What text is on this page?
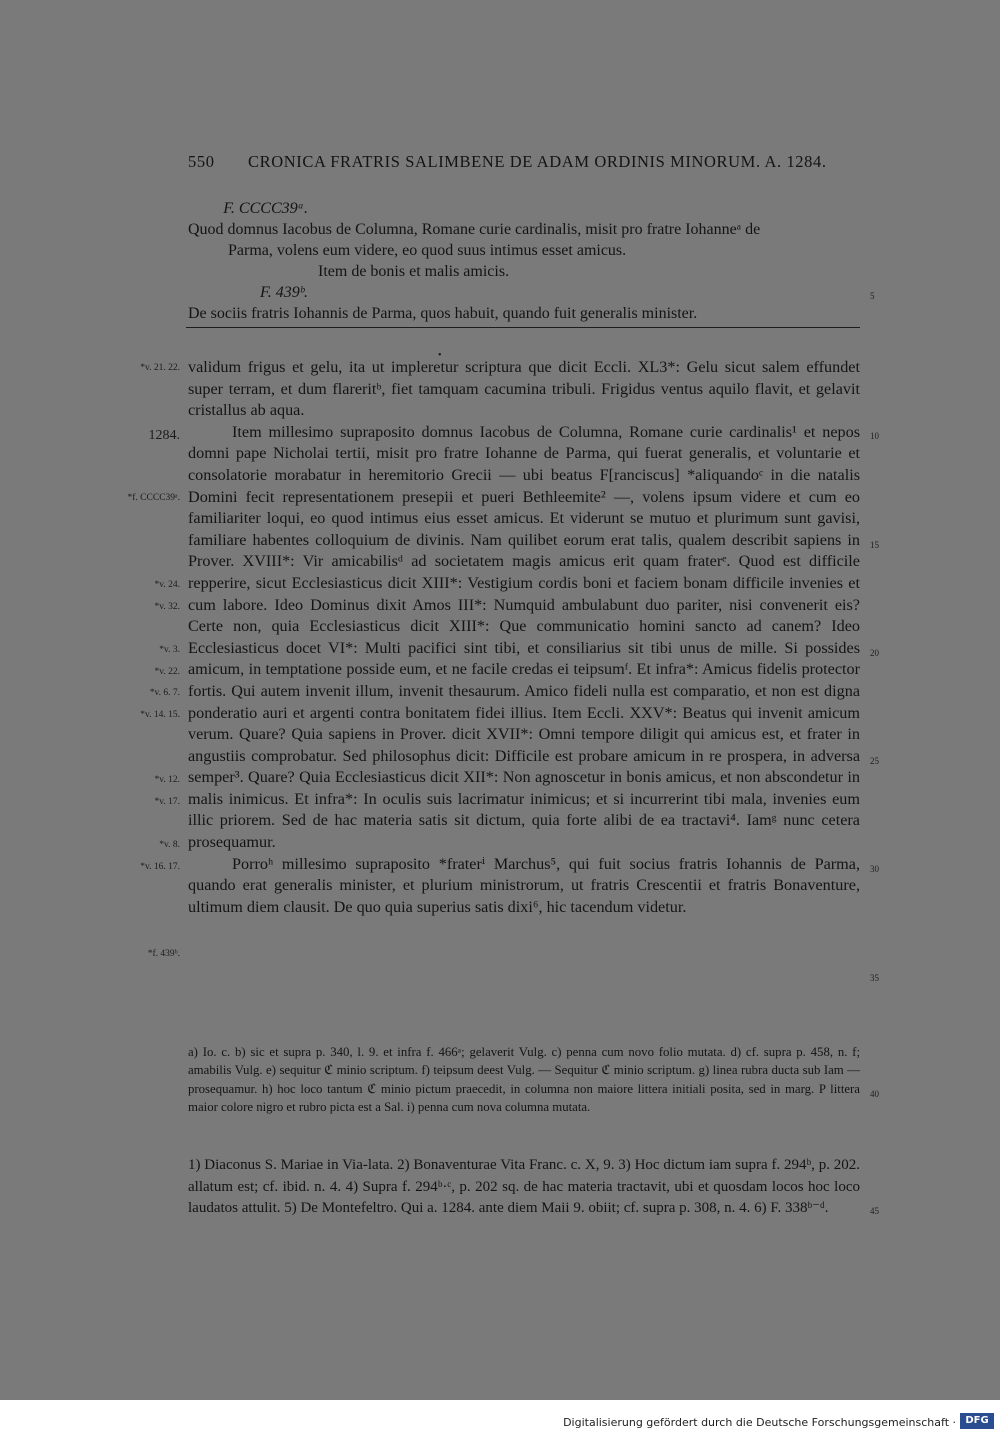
550 CRONICA FRATRIS SALIMBENE DE ADAM ORDINIS MINORUM. A. 1284.
F. CCCC39ᵃ.Quod domnus Iacobus de Columna, Romane curie cardinalis, misit pro fratre Iohanneᵃ de Parma, volens eum videre, eo quod suus intimus esset amicus.
Item de bonis et malis amicis.
F. 439ᵇ.De sociis fratris Iohannis de Parma, quos habuit, quando fuit generalis minister.
5
•
*v. 21. 22.
1284.
*f. CCCC39ᵃ.
*v. 24.
*v. 32.
*v. 3.
*v. 22.
*v. 6. 7.
*v. 14. 15.
*v. 12.
*v. 17.
*v. 8.
*v. 16. 17.
*f. 439ᵇ.
10
15
20
25
30
35
40
45

validum frigus et gelu, ita ut impleretur scriptura que dicit Eccli. XL3*: Gelu sicut salem effundet super terram, et dum flareritᵇ, fiet tamquam cacumina tribuli. Frigidus ventus aquilo flavit, et gelavit cristallus ab aqua.

Item millesimo supraposito domnus Iacobus de Columna, Romane curie cardinalis¹ et nepos domni pape Nicholai tertii, misit pro fratre Iohanne de Parma, qui fuerat generalis, et voluntarie et consolatorie morabatur in heremitorio Grecii — ubi beatus F[ranciscus] *aliquandoᶜ in die natalis Domini fecit representationem presepii et pueri Bethleemite² —, volens ipsum videre et cum eo familiariter loqui, eo quod intimus eius esset amicus. Et viderunt se mutuo et plurimum sunt gavisi, familiare habentes colloquium de divinis. Nam quilibet eorum erat talis, qualem describit sapiens in Prover. XVIII*: Vir amicabilisᵈ ad societatem magis amicus erit quam fraterᵉ. Quod est difficile repperire, sicut Ecclesiasticus dicit XIII*: Vestigium cordis boni et faciem bonam difficile invenies et cum labore. Ideo Dominus dixit Amos III*: Numquid ambulabunt duo pariter, nisi convenerit eis? Certe non, quia Ecclesiasticus dicit XIII*: Que communicatio homini sancto ad canem? Ideo Ecclesiasticus docet VI*: Multi pacifici sint tibi, et consiliarius sit tibi unus de mille. Si possides amicum, in temptatione posside eum, et ne facile credas ei teipsumᶠ. Et infra*: Amicus fidelis protector fortis. Qui autem invenit illum, invenit thesaurum. Amico fideli nulla est comparatio, et non est digna ponderatio auri et argenti contra bonitatem fidei illius. Item Eccli. XXV*: Beatus qui invenit amicum verum. Quare? Quia sapiens in Prover. dicit XVII*: Omni tempore diligit qui amicus est, et frater in angustiis comprobatur. Sed philosophus dicit: Difficile est probare amicum in re prospera, in adversa semper³. Quare? Quia Ecclesiasticus dicit XII*: Non agnoscetur in bonis amicus, et non abscondetur in malis inimicus. Et infra*: In oculis suis lacrimatur inimicus; et si incurrerint tibi mala, invenies eum illic priorem. Sed de hac materia satis sit dictum, quia forte alibi de ea tractavi⁴. Iamᵍ nunc cetera prosequamur.

Porroʰ millesimo supraposito *fraterⁱ Marchus⁵, qui fuit socius fratris Iohannis de Parma, quando erat generalis minister, et plurium ministrorum, ut fratris Crescentii et fratris Bonaventure, ultimum diem clausit. De quo quia superius satis dixi⁶, hic tacendum videtur.

a) Io. c. b) sic et supra p. 340, l. 9. et infra f. 466ᵃ; gelaverit Vulg. c) penna cum novo folio mutata. d) cf. supra p. 458, n. f; amabilis Vulg. e) sequitur ℭ minio scriptum. f) teipsum deest Vulg. — Sequitur ℭ minio scriptum. g) linea rubra ducta sub Iam — prosequamur. h) hoc loco tantum ℭ minio pictum praecedit, in columna non maiore littera initiali posita, sed in marg. P littera maior colore nigro et rubro picta est a Sal. i) penna cum nova columna mutata.
1) Diaconus S. Mariae in Via-lata. 2) Bonaventurae Vita Franc. c. X, 9. 3) Hoc dictum iam supra f. 294ᵇ, p. 202. allatum est; cf. ibid. n. 4. 4) Supra f. 294ᵇ·ᶜ, p. 202 sq. de hac materia tractavit, ubi et quosdam locos hoc loco laudatos attulit. 5) De Montefeltro. Qui a. 1284. ante diem Maii 9. obiit; cf. supra p. 308, n. 4. 6) F. 338ᵇ⁻ᵈ.
Digitalisierung gefördert durch die Deutsche Forschungsgemeinschaft · DFG
